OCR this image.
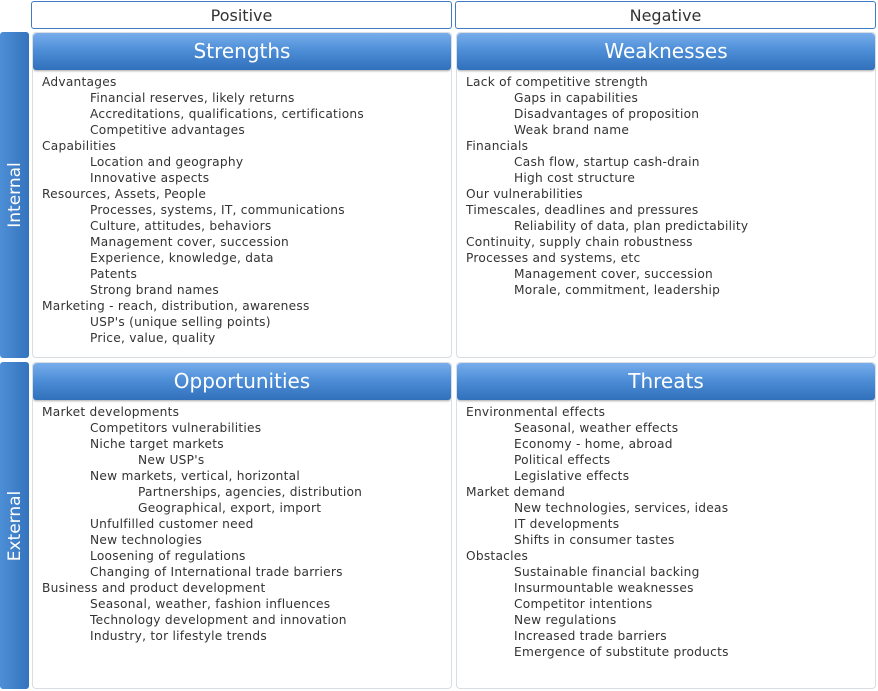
Positive	Negative
Internal
External
Strengths
Advantages
Financial reserves, likely returns
Accreditations, qualifications, certifications
Competitive advantages
Capabilities
Location and geography
Innovative aspects
Resources, Assets, People
Processes, systems, IT, communications
Culture, attitudes, behaviors
Management cover, succession
Experience, knowledge, data
Patents
Strong brand names
Marketing - reach, distribution, awareness
USP's (unique selling points)
Price, value, quality
Weaknesses
Lack of competitive strength
Gaps in capabilities
Disadvantages of proposition
Weak brand name
Financials
Cash flow, startup cash-drain
High cost structure
Our vulnerabilities
Timescales, deadlines and pressures
Reliability of data, plan predictability
Continuity, supply chain robustness
Processes and systems, etc
Management cover, succession
Morale, commitment, leadership
Opportunities
Market developments
Competitors vulnerabilities
Niche target markets
New USP's
New markets, vertical, horizontal
Partnerships, agencies, distribution
Geographical, export, import
Unfulfilled customer need
New technologies
Loosening of regulations
Changing of International trade barriers
Business and product development
Seasonal, weather, fashion influences
Technology development and innovation
Industry, tor lifestyle trends
Threats
Environmental effects
Seasonal, weather effects
Economy - home, abroad
Political effects
Legislative effects
Market demand
New technologies, services, ideas
IT developments
Shifts in consumer tastes
Obstacles
Sustainable financial backing
Insurmountable weaknesses
Competitor intentions
New regulations
Increased trade barriers
Emergence of substitute products
